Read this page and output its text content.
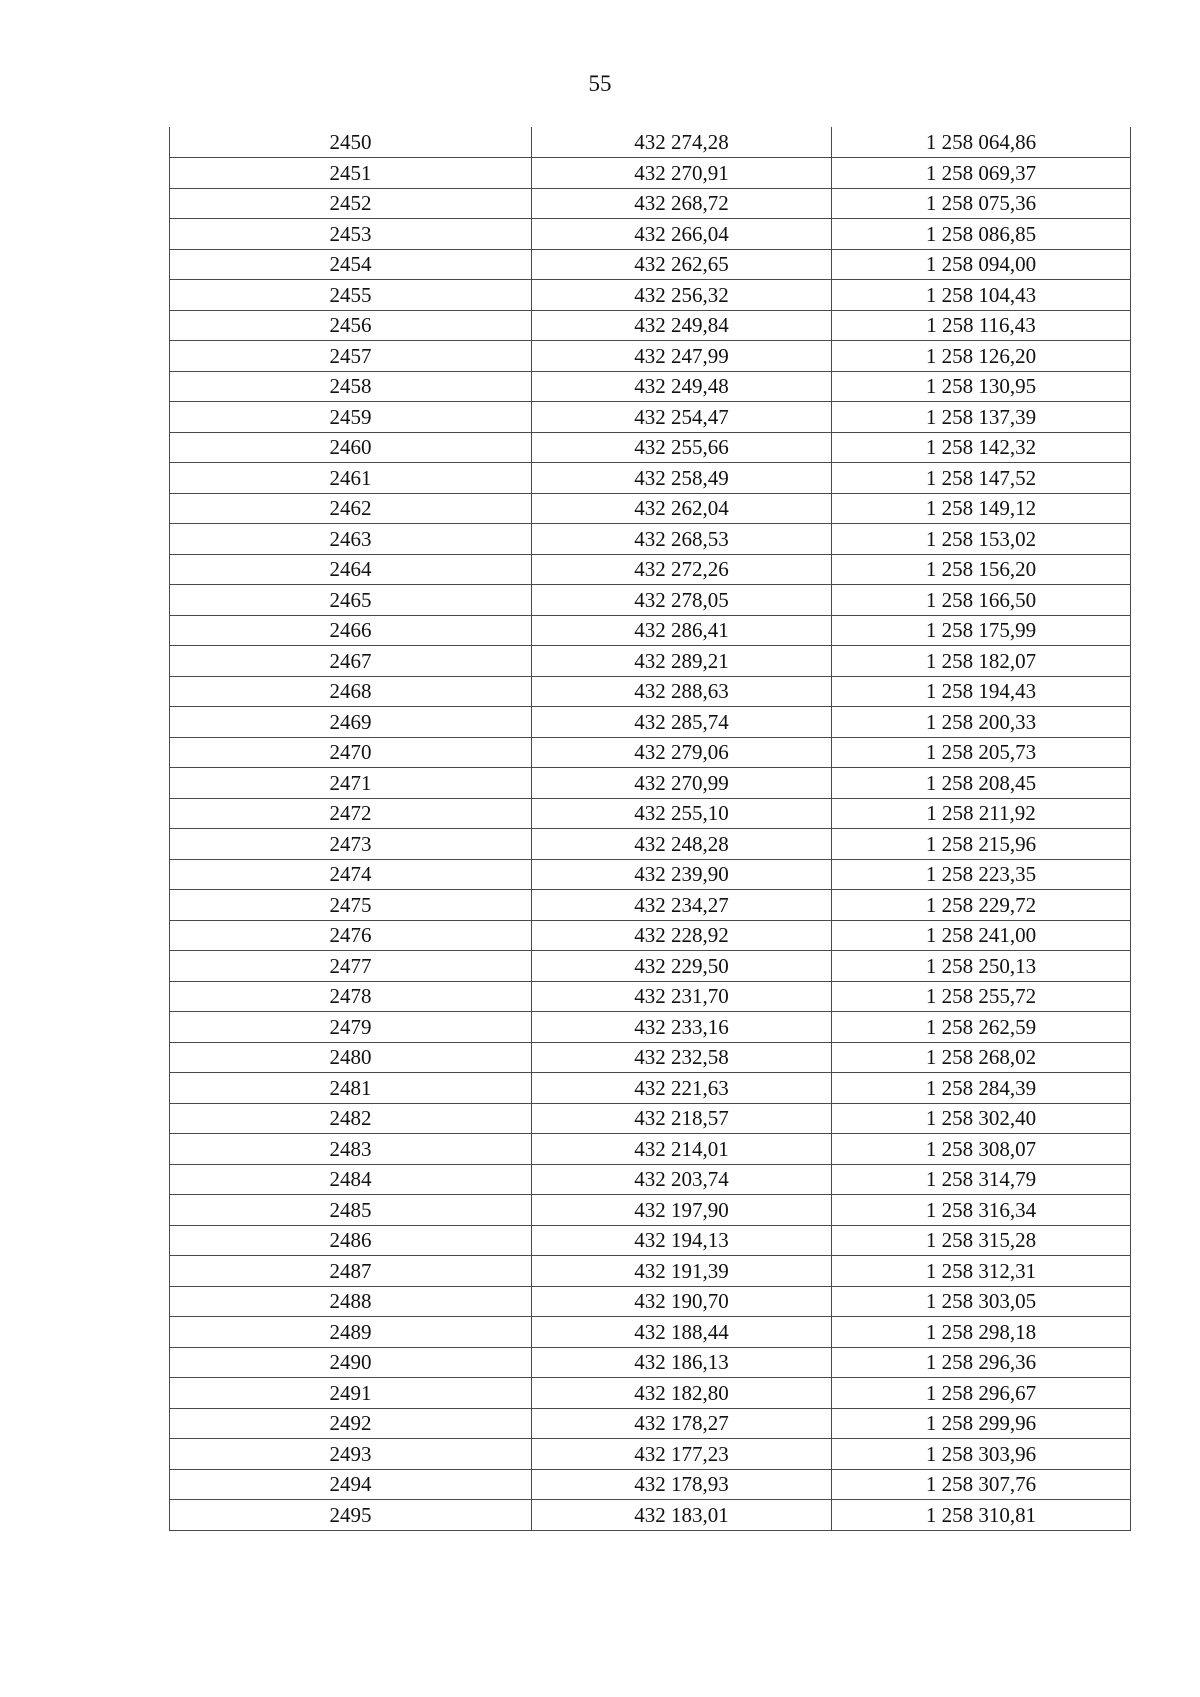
55
2450	432 274,28	1 258 064,86
2451	432 270,91	1 258 069,37
2452	432 268,72	1 258 075,36
2453	432 266,04	1 258 086,85
2454	432 262,65	1 258 094,00
2455	432 256,32	1 258 104,43
2456	432 249,84	1 258 116,43
2457	432 247,99	1 258 126,20
2458	432 249,48	1 258 130,95
2459	432 254,47	1 258 137,39
2460	432 255,66	1 258 142,32
2461	432 258,49	1 258 147,52
2462	432 262,04	1 258 149,12
2463	432 268,53	1 258 153,02
2464	432 272,26	1 258 156,20
2465	432 278,05	1 258 166,50
2466	432 286,41	1 258 175,99
2467	432 289,21	1 258 182,07
2468	432 288,63	1 258 194,43
2469	432 285,74	1 258 200,33
2470	432 279,06	1 258 205,73
2471	432 270,99	1 258 208,45
2472	432 255,10	1 258 211,92
2473	432 248,28	1 258 215,96
2474	432 239,90	1 258 223,35
2475	432 234,27	1 258 229,72
2476	432 228,92	1 258 241,00
2477	432 229,50	1 258 250,13
2478	432 231,70	1 258 255,72
2479	432 233,16	1 258 262,59
2480	432 232,58	1 258 268,02
2481	432 221,63	1 258 284,39
2482	432 218,57	1 258 302,40
2483	432 214,01	1 258 308,07
2484	432 203,74	1 258 314,79
2485	432 197,90	1 258 316,34
2486	432 194,13	1 258 315,28
2487	432 191,39	1 258 312,31
2488	432 190,70	1 258 303,05
2489	432 188,44	1 258 298,18
2490	432 186,13	1 258 296,36
2491	432 182,80	1 258 296,67
2492	432 178,27	1 258 299,96
2493	432 177,23	1 258 303,96
2494	432 178,93	1 258 307,76
2495	432 183,01	1 258 310,81
